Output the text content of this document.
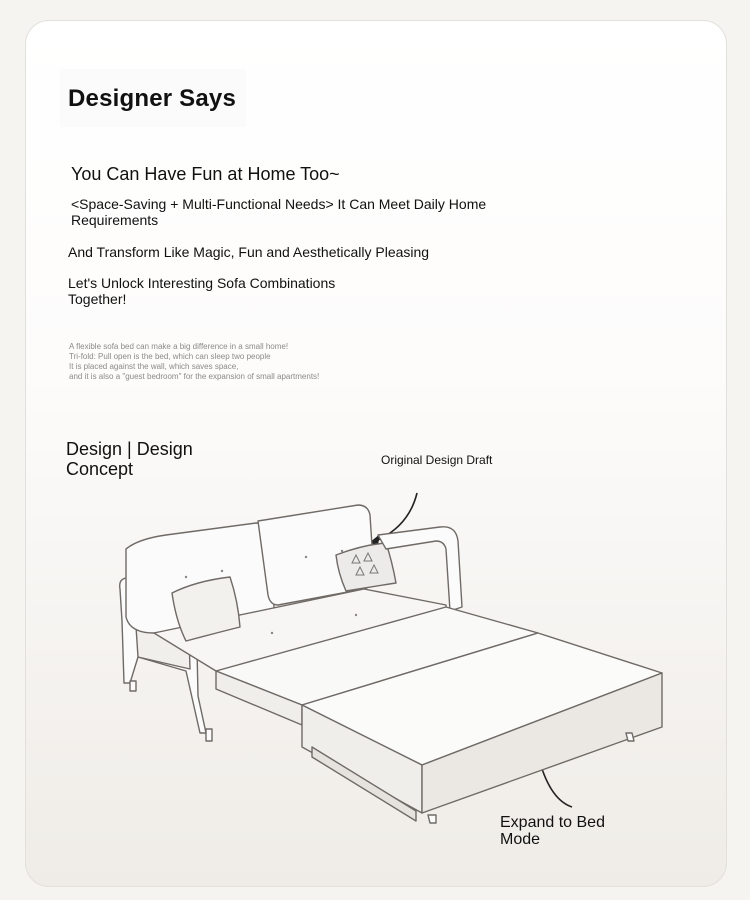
Designer Says
You Can Have Fun at Home Too~
<Space-Saving + Multi-Functional Needs> It Can Meet Daily Home Requirements
And Transform Like Magic, Fun and Aesthetically Pleasing
Let's Unlock Interesting Sofa Combinations Together!
A flexible sofa bed can make a big difference in a small home!
Tri-fold: Pull open is the bed, which can sleep two people
It is placed against the wall, which saves space,
and it is also a "guest bedroom" for the expansion of small apartments!
Design | Design Concept	Original Design Draft
Expand to Bed Mode
